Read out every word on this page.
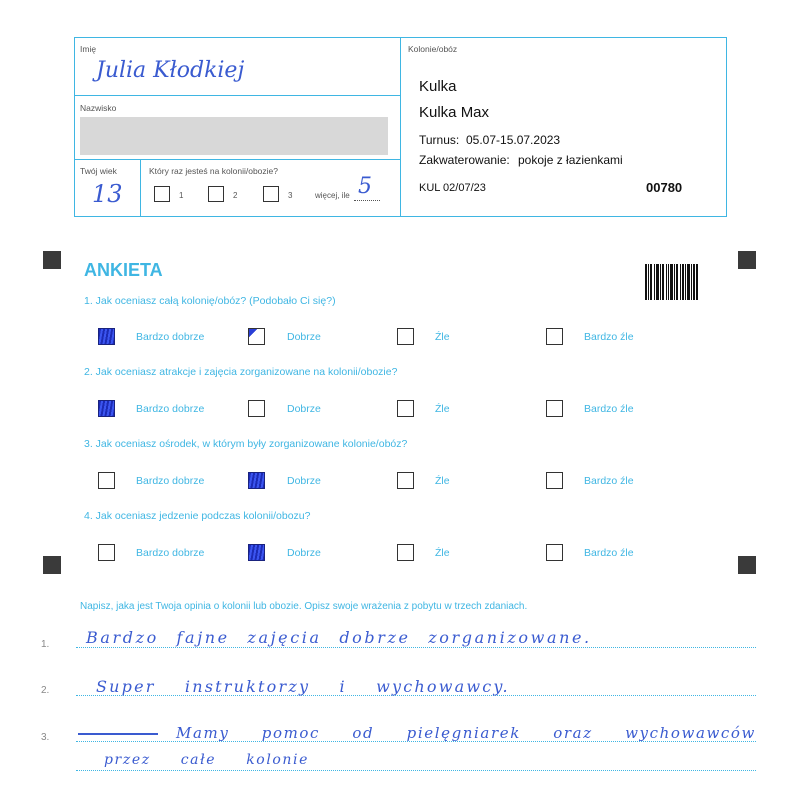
Imię
Julia Kłodkiej
Nazwisko
Twój wiek
13
Który raz jesteś na kolonii/obozie?
1	2	3	więcej, ile 5
Kolonie/obóz
Kulka
Kulka Max
Turnus: 05.07-15.07.2023
Zakwaterowanie: pokoje z łazienkami
KUL 02/07/23	00780
ANKIETA
1. Jak oceniasz całą kolonię/obóz? (Podobało Ci się?)
2. Jak oceniasz atrakcje i zajęcia zorganizowane na kolonii/obozie?
3. Jak oceniasz ośrodek, w którym były zorganizowane kolonie/obóz?
4. Jak oceniasz jedzenie podczas kolonii/obozu?
Bardzo dobrze	Dobrze	Źle	Bardzo źle
Bardzo dobrze	Dobrze	Źle	Bardzo źle
Bardzo dobrze	Dobrze	Źle	Bardzo źle
Bardzo dobrze	Dobrze	Źle	Bardzo źle
Napisz, jaka jest Twoja opinia o kolonii lub obozie. Opisz swoje wrażenia z pobytu w trzech zdaniach.
1.
2.
3.
Bardzo fajne zajęcia dobrze zorganizowane.
Super instruktorzy i wychowawcy.
Mamy pomoc od pielęgniarek oraz wychowawców
przez całe kolonie
